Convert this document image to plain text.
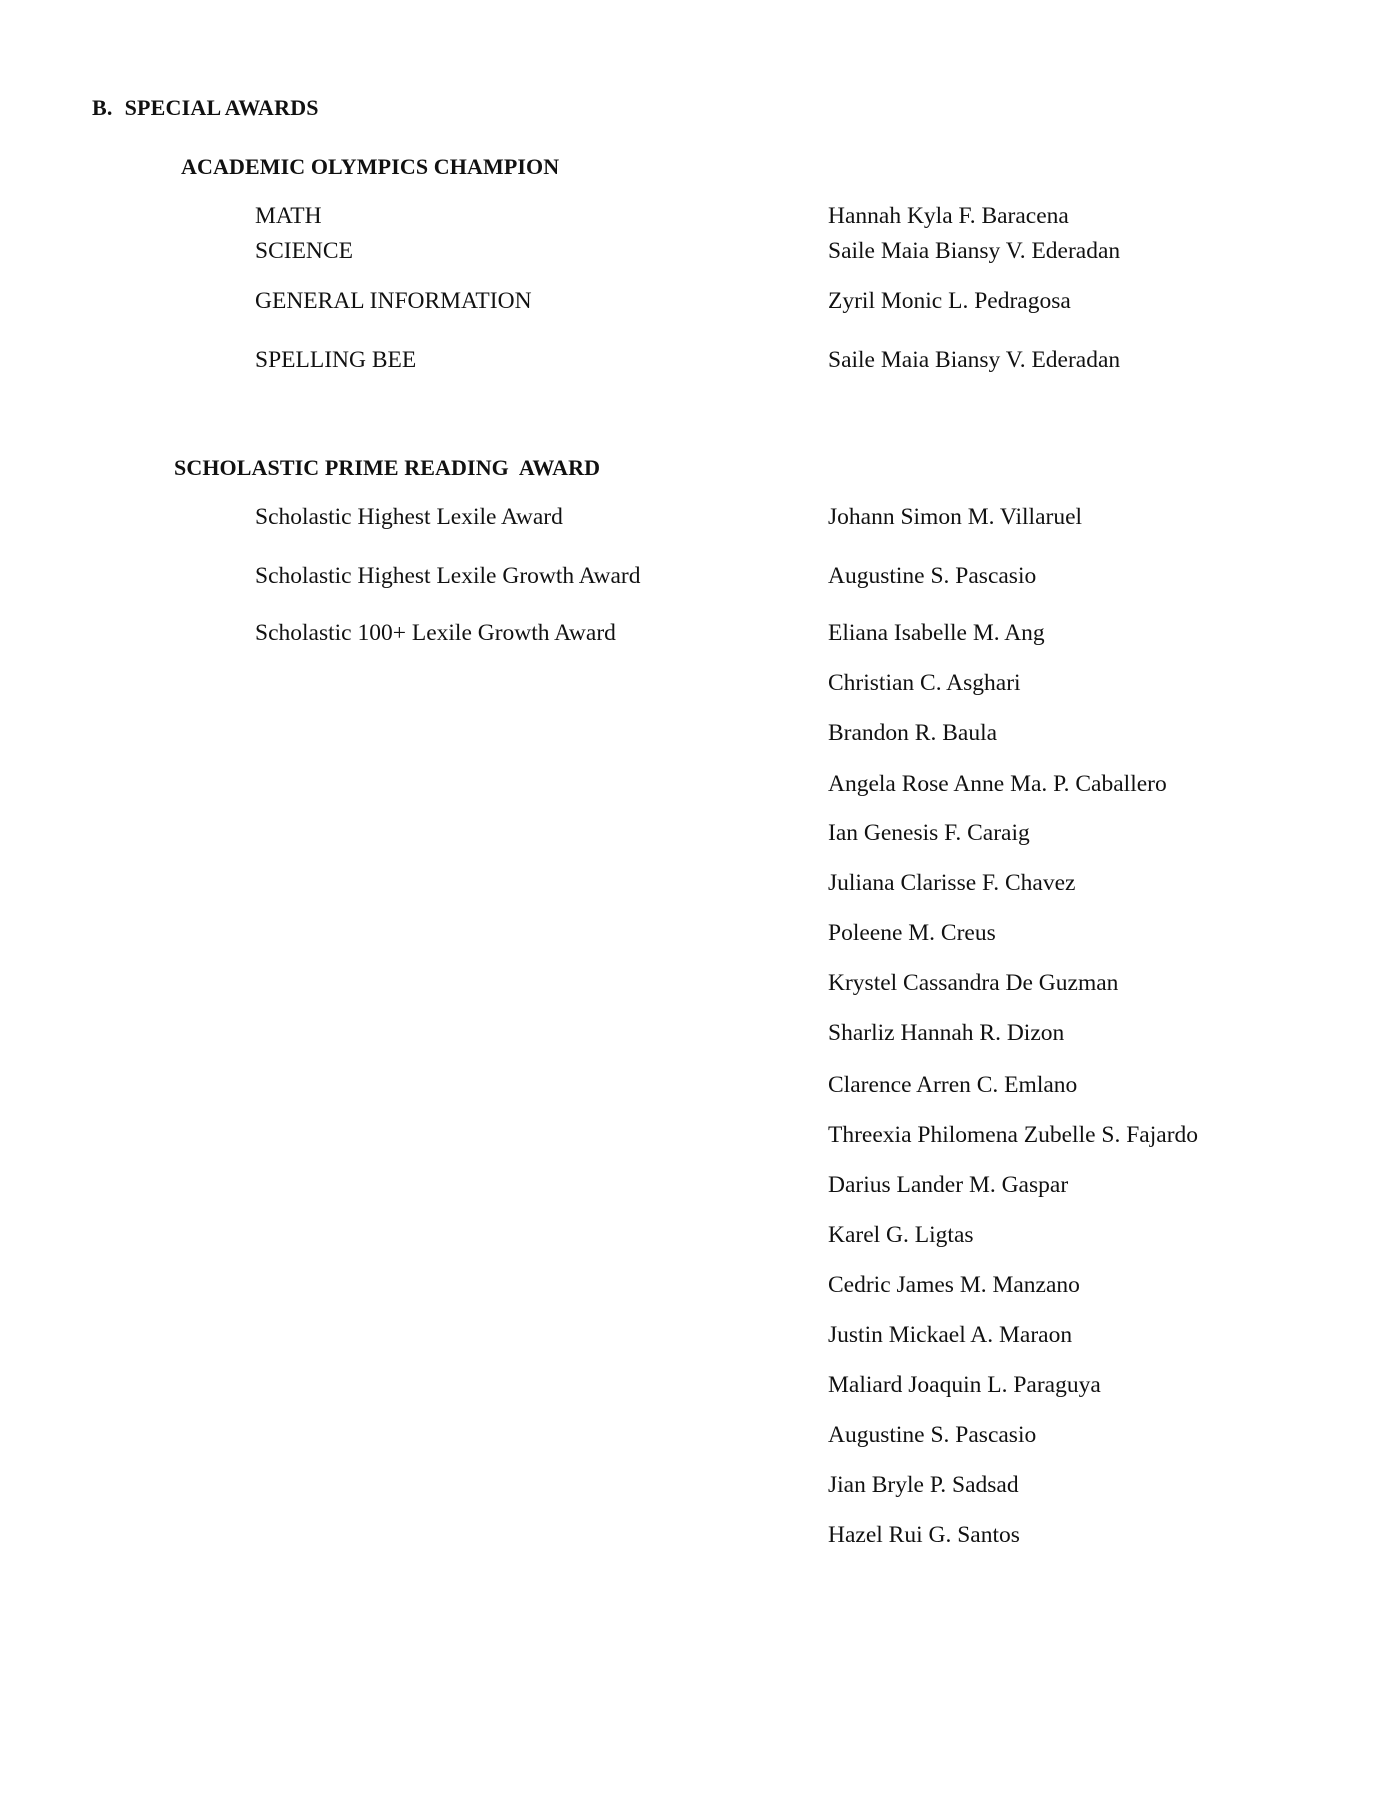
B. SPECIAL AWARDS
ACADEMIC OLYMPICS CHAMPION
MATH	Hannah Kyla F. Baracena
SCIENCE	Saile Maia Biansy V. Ederadan
GENERAL INFORMATION	Zyril Monic L. Pedragosa
SPELLING BEE	Saile Maia Biansy V. Ederadan
SCHOLASTIC PRIME READING  AWARD
Scholastic Highest Lexile Award	Johann Simon M. Villaruel
Scholastic Highest Lexile Growth Award	Augustine S. Pascasio
Scholastic 100+ Lexile Growth Award	Eliana Isabelle M. Ang
Christian C. Asghari
Brandon R. Baula
Angela Rose Anne Ma. P. Caballero
Ian Genesis F. Caraig
Juliana Clarisse F. Chavez
Poleene M. Creus
Krystel Cassandra De Guzman
Sharliz Hannah R. Dizon
Clarence Arren C. Emlano
Threexia Philomena Zubelle S. Fajardo
Darius Lander M. Gaspar
Karel G. Ligtas
Cedric James M. Manzano
Justin Mickael A. Maraon
Maliard Joaquin L. Paraguya
Augustine S. Pascasio
Jian Bryle P. Sadsad
Hazel Rui G. Santos
